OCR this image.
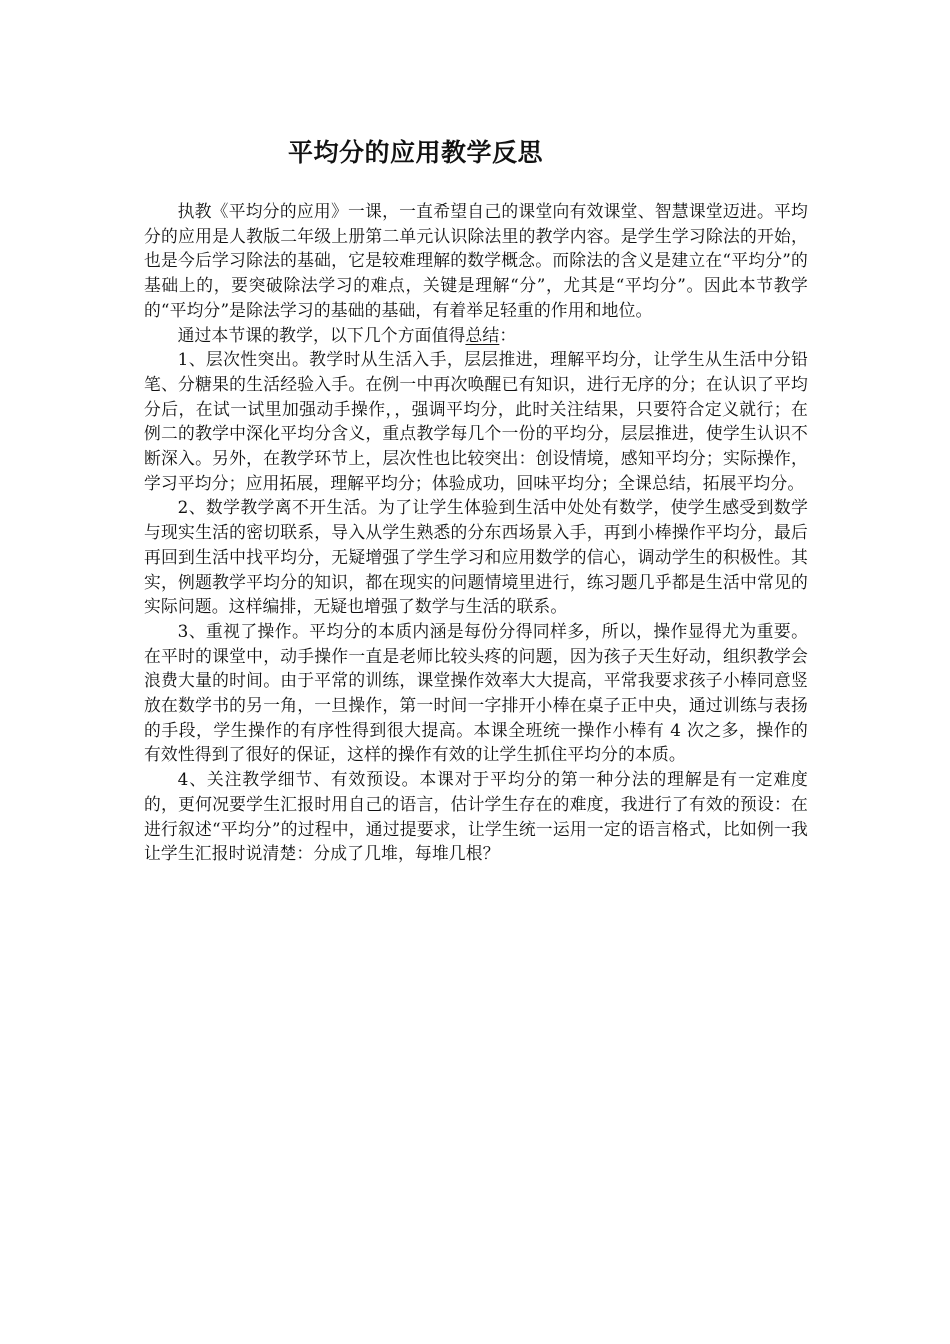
平均分的应用教学反思

执教《平均分的应用》一课，一直希望自己的课堂向有效课堂、智慧课堂迈进。平均分的应用是人教版二年级上册第二单元认识除法里的教学内容。是学生学习除法的开始，也是今后学习除法的基础，它是较难理解的数学概念。而除法的含义是建立在“平均分”的基础上的，要突破除法学习的难点，关键是理解“分”，尤其是“平均分”。因此本节教学的“平均分”是除法学习的基础的基础，有着举足轻重的作用和地位。

通过本节课的教学，以下几个方面值得总结：

1、层次性突出。教学时从生活入手，层层推进，理解平均分，让学生从生活中分铅笔、分糖果的生活经验入手。在例一中再次唤醒已有知识，进行无序的分；在认识了平均分后，在试一试里加强动手操作，，强调平均分，此时关注结果，只要符合定义就行；在例二的教学中深化平均分含义，重点教学每几个一份的平均分，层层推进，使学生认识不断深入。另外，在教学环节上，层次性也比较突出：创设情境，感知平均分；实际操作，学习平均分；应用拓展，理解平均分；体验成功，回味平均分；全课总结，拓展平均分。

2、数学教学离不开生活。为了让学生体验到生活中处处有数学，使学生感受到数学与现实生活的密切联系，导入从学生熟悉的分东西场景入手，再到小棒操作平均分，最后再回到生活中找平均分，无疑增强了学生学习和应用数学的信心，调动学生的积极性。其实，例题教学平均分的知识，都在现实的问题情境里进行，练习题几乎都是生活中常见的实际问题。这样编排，无疑也增强了数学与生活的联系。

3、重视了操作。平均分的本质内涵是每份分得同样多，所以，操作显得尤为重要。在平时的课堂中，动手操作一直是老师比较头疼的问题，因为孩子天生好动，组织教学会浪费大量的时间。由于平常的训练，课堂操作效率大大提高，平常我要求孩子小棒同意竖放在数学书的另一角，一旦操作，第一时间一字排开小棒在桌子正中央，通过训练与表扬的手段，学生操作的有序性得到很大提高。本课全班统一操作小棒有 4 次之多，操作的有效性得到了很好的保证，这样的操作有效的让学生抓住平均分的本质。

4、关注教学细节、有效预设。本课对于平均分的第一种分法的理解是有一定难度的，更何况要学生汇报时用自己的语言，估计学生存在的难度，我进行了有效的预设：在进行叙述“平均分”的过程中，通过提要求，让学生统一运用一定的语言格式，比如例一我让学生汇报时说清楚：分成了几堆，每堆几根？
